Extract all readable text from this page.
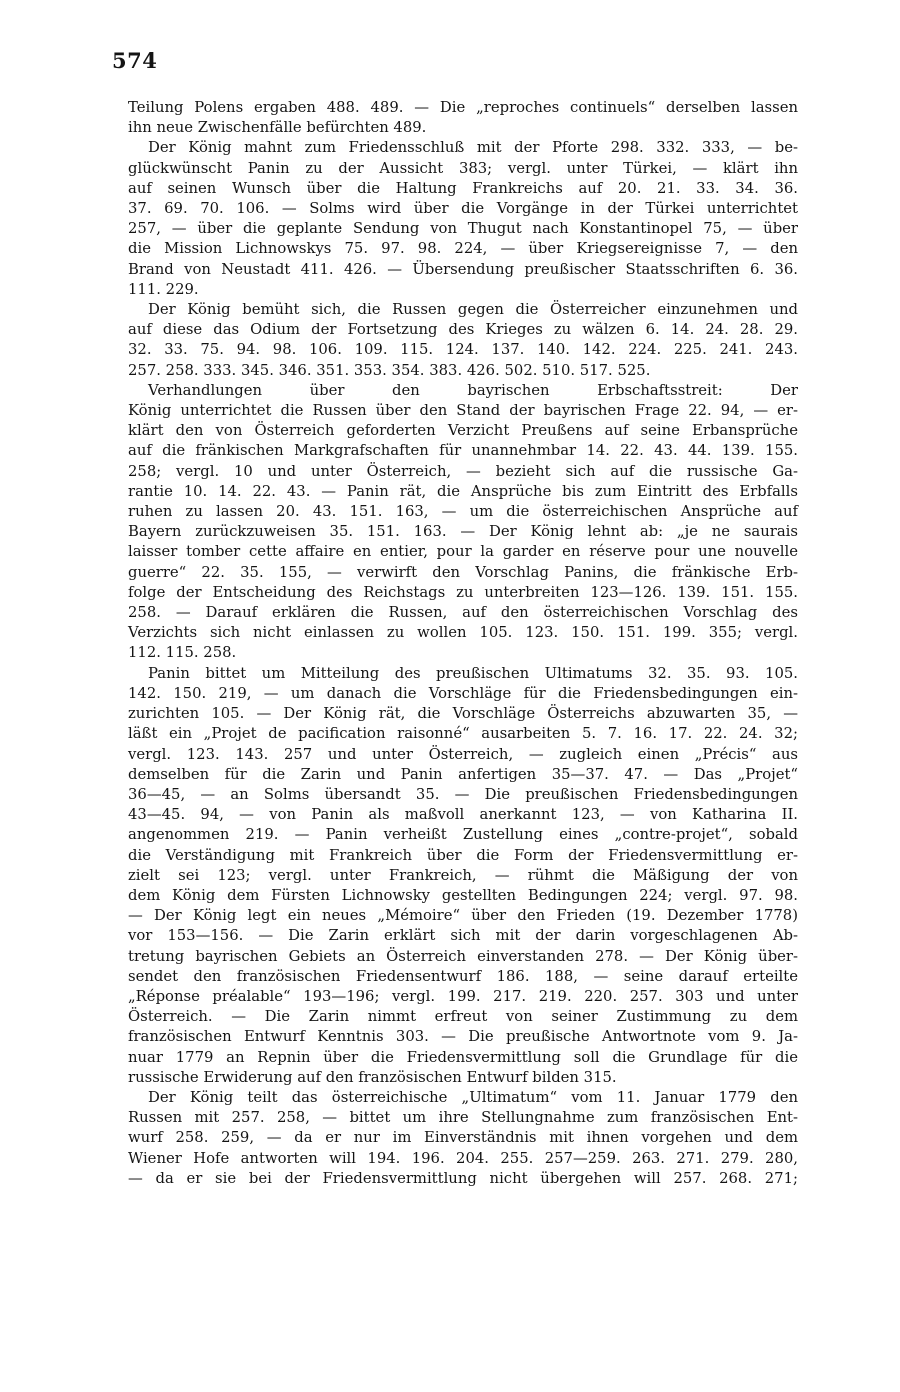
574
Teilung Polens ergaben 488. 489. — Die „reproches continuels“ derselben lassen
ihn neue Zwischenfälle befürchten 489.
Der König mahnt zum Friedensschluß mit der Pforte 298. 332. 333, — be-
glückwünscht Panin zu der Aussicht 383; vergl. unter Türkei, — klärt ihn
auf seinen Wunsch über die Haltung Frankreichs auf 20. 21. 33. 34. 36.
37. 69. 70. 106. — Solms wird über die Vorgänge in der Türkei unterrichtet
257, — über die geplante Sendung von Thugut nach Konstantinopel 75, — über
die Mission Lichnowskys 75. 97. 98. 224, — über Kriegsereignisse 7, — den
Brand von Neustadt 411. 426. — Übersendung preußischer Staatsschriften 6. 36.
111. 229.
Der König bemüht sich, die Russen gegen die Österreicher einzunehmen und
auf diese das Odium der Fortsetzung des Krieges zu wälzen 6. 14. 24. 28. 29.
32. 33. 75. 94. 98. 106. 109. 115. 124. 137. 140. 142. 224. 225. 241. 243.
257. 258. 333. 345. 346. 351. 353. 354. 383. 426. 502. 510. 517. 525.
Verhandlungen über den bayrischen Erbschaftsstreit: Der
König unterrichtet die Russen über den Stand der bayrischen Frage 22. 94, — er-
klärt den von Österreich geforderten Verzicht Preußens auf seine Erbansprüche
auf die fränkischen Markgrafschaften für unannehmbar 14. 22. 43. 44. 139. 155.
258; vergl. 10 und unter Österreich, — bezieht sich auf die russische Ga-
rantie 10. 14. 22. 43. — Panin rät, die Ansprüche bis zum Eintritt des Erbfalls
ruhen zu lassen 20. 43. 151. 163, — um die österreichischen Ansprüche auf
Bayern zurückzuweisen 35. 151. 163. — Der König lehnt ab: „je ne saurais
laisser tomber cette affaire en entier, pour la garder en réserve pour une nouvelle
guerre“ 22. 35. 155, — verwirft den Vorschlag Panins, die fränkische Erb-
folge der Entscheidung des Reichstags zu unterbreiten 123—126. 139. 151. 155.
258. — Darauf erklären die Russen, auf den österreichischen Vorschlag des
Verzichts sich nicht einlassen zu wollen 105. 123. 150. 151. 199. 355; vergl.
112. 115. 258.
Panin bittet um Mitteilung des preußischen Ultimatums 32. 35. 93. 105.
142. 150. 219, — um danach die Vorschläge für die Friedensbedingungen ein-
zurichten 105. — Der König rät, die Vorschläge Österreichs abzuwarten 35, —
läßt ein „Projet de pacification raisonné“ ausarbeiten 5. 7. 16. 17. 22. 24. 32;
vergl. 123. 143. 257 und unter Österreich, — zugleich einen „Précis“ aus
demselben für die Zarin und Panin anfertigen 35—37. 47. — Das „Projet“
36—45, — an Solms übersandt 35. — Die preußischen Friedensbedingungen
43—45. 94, — von Panin als maßvoll anerkannt 123, — von Katharina II.
angenommen 219. — Panin verheißt Zustellung eines „contre-projet“, sobald
die Verständigung mit Frankreich über die Form der Friedensvermittlung er-
zielt sei 123; vergl. unter Frankreich, — rühmt die Mäßigung der von
dem König dem Fürsten Lichnowsky gestellten Bedingungen 224; vergl. 97. 98.
— Der König legt ein neues „Mémoire“ über den Frieden (19. Dezember 1778)
vor 153—156. — Die Zarin erklärt sich mit der darin vorgeschlagenen Ab-
tretung bayrischen Gebiets an Österreich einverstanden 278. — Der König über-
sendet den französischen Friedensentwurf 186. 188, — seine darauf erteilte
„Réponse préalable“ 193—196; vergl. 199. 217. 219. 220. 257. 303 und unter
Österreich. — Die Zarin nimmt erfreut von seiner Zustimmung zu dem
französischen Entwurf Kenntnis 303. — Die preußische Antwortnote vom 9. Ja-
nuar 1779 an Repnin über die Friedensvermittlung soll die Grundlage für die
russische Erwiderung auf den französischen Entwurf bilden 315.
Der König teilt das österreichische „Ultimatum“ vom 11. Januar 1779 den
Russen mit 257. 258, — bittet um ihre Stellungnahme zum französischen Ent-
wurf 258. 259, — da er nur im Einverständnis mit ihnen vorgehen und dem
Wiener Hofe antworten will 194. 196. 204. 255. 257—259. 263. 271. 279. 280,
— da er sie bei der Friedensvermittlung nicht übergehen will 257. 268. 271;
